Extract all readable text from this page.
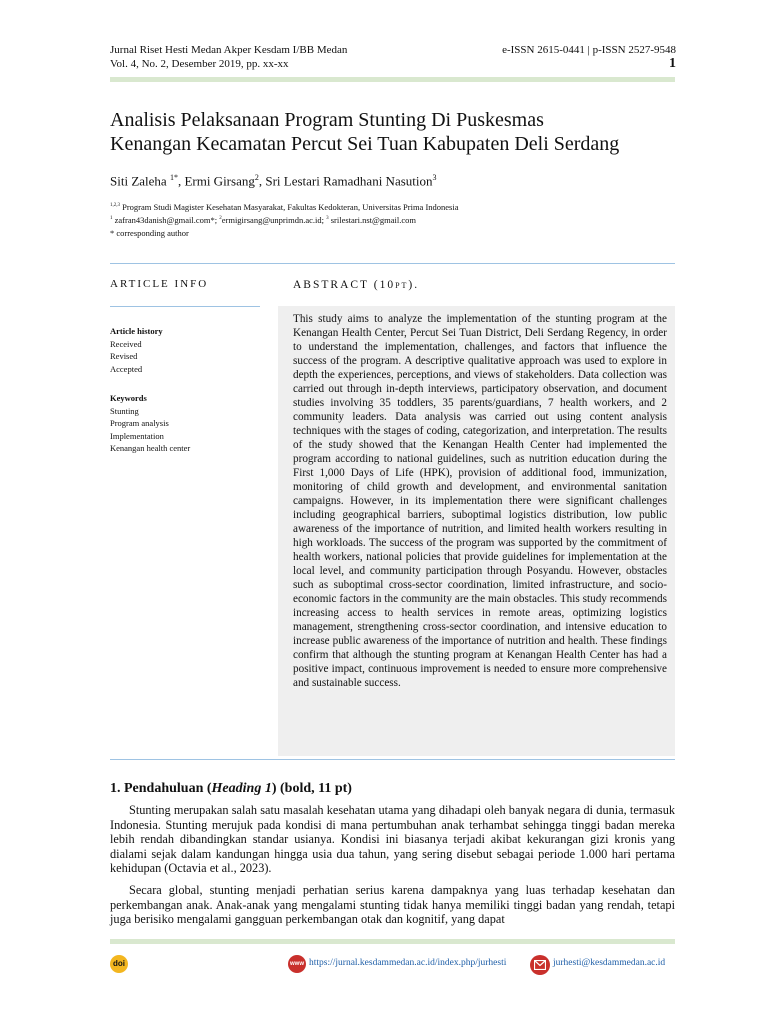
Jurnal Riset Hesti Medan Akper Kesdam I/BB Medan
Vol. 4, No. 2, Desember 2019, pp. xx-xx
e-ISSN 2615-0441 | p-ISSN 2527-9548
1
Analisis Pelaksanaan Program Stunting Di Puskesmas
Kenangan Kecamatan Percut Sei Tuan Kabupaten Deli Serdang
Siti Zaleha $^{1*}$, Ermi Girsang$^2$, Sri Lestari Ramadhani Nasution$^3$
$^{1,2,3}$ Program Studi Magister Kesehatan Masyarakat, Fakultas Kedokteran, Universitas Prima Indonesia
$^1$ zafran43danish@gmail.com*; $^2$ermigirsang@unprimdn.ac.id; $^3$ srilestari.nst@gmail.com
* corresponding author
ARTICLE INFO
Article history
Received
Revised
Accepted
Keywords
Stunting
Program analysis
Implementation
Kenangan health center
ABSTRACT (10PT).
This study aims to analyze the implementation of the stunting program at the Kenangan Health Center, Percut Sei Tuan District, Deli Serdang Regency, in order to understand the implementation, challenges, and factors that influence the success of the program. A descriptive qualitative approach was used to explore in depth the experiences, perceptions, and views of stakeholders. Data collection was carried out through in-depth interviews, participatory observation, and document studies involving 35 toddlers, 35 parents/guardians, 7 health workers, and 2 community leaders. Data analysis was carried out using content analysis techniques with the stages of coding, categorization, and interpretation. The results of the study showed that the Kenangan Health Center had implemented the program according to national guidelines, such as nutrition education during the First 1,000 Days of Life (HPK), provision of additional food, immunization, monitoring of child growth and development, and environmental sanitation campaigns. However, in its implementation there were significant challenges including geographical barriers, suboptimal logistics distribution, low public awareness of the importance of nutrition, and limited health workers resulting in high workloads. The success of the program was supported by the commitment of health workers, national policies that provide guidelines for implementation at the local level, and community participation through Posyandu. However, obstacles such as suboptimal cross-sector coordination, limited infrastructure, and socio-economic factors in the community are the main obstacles. This study recommends increasing access to health services in remote areas, optimizing logistics management, strengthening cross-sector coordination, and intensive education to increase public awareness of the importance of nutrition and health. These findings confirm that although the stunting program at Kenangan Health Center has had a positive impact, continuous improvement is needed to ensure more comprehensive and sustainable success.
1. Pendahuluan (Heading 1) (bold, 11 pt)

Stunting merupakan salah satu masalah kesehatan utama yang dihadapi oleh banyak negara di dunia, termasuk Indonesia. Stunting merujuk pada kondisi di mana pertumbuhan anak terhambat sehingga tinggi badan mereka lebih rendah dibandingkan standar usianya. Kondisi ini biasanya terjadi akibat kekurangan gizi kronis yang dialami sejak dalam kandungan hingga usia dua tahun, yang sering disebut sebagai periode 1.000 hari pertama kehidupan (Octavia et al., 2023).

Secara global, stunting menjadi perhatian serius karena dampaknya yang luas terhadap kesehatan dan perkembangan anak. Anak-anak yang mengalami stunting tidak hanya memiliki tinggi badan yang rendah, tetapi juga berisiko mengalami gangguan perkembangan otak dan kognitif, yang dapat

doi	www https://jurnal.kesdammedan.ac.id/index.php/jurhesti	jurhesti@kesdammedan.ac.id
